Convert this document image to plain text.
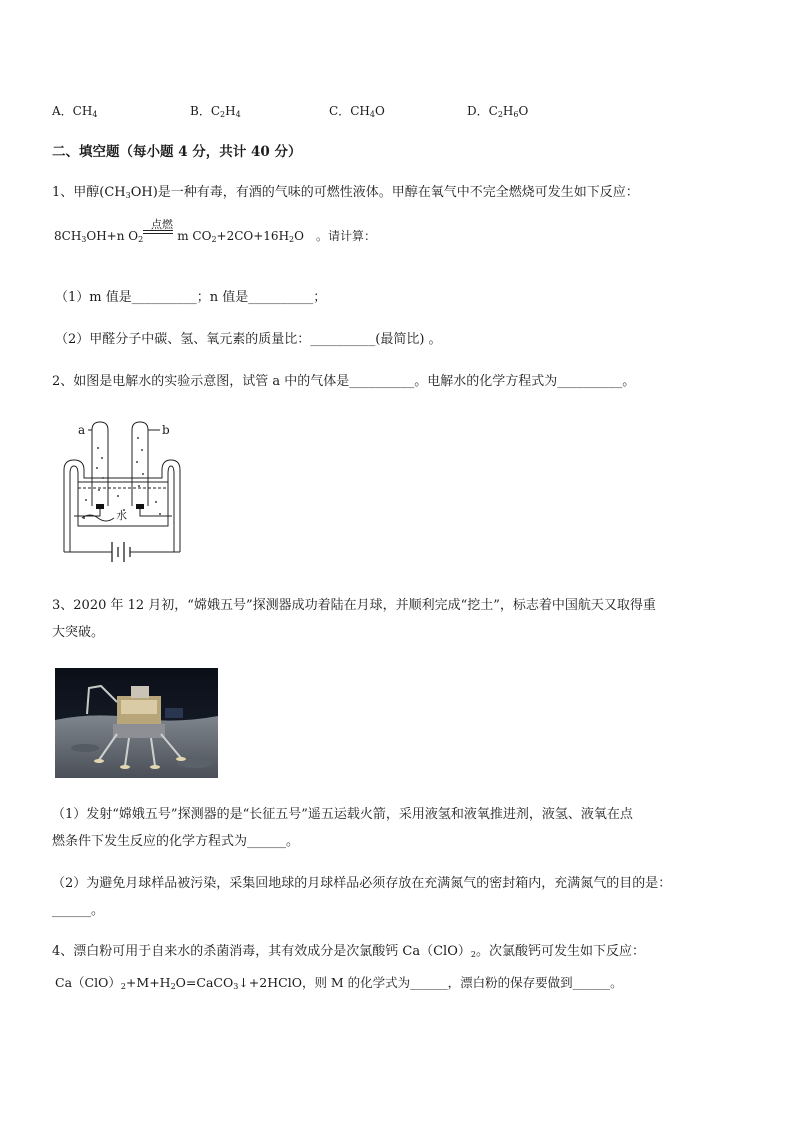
A．$CH_4$	B．$C_2H_4$	C．$CH_4O$	D．$C_2H_6O$
二、填空题（每小题 4 分，共计 40 分）
1、甲醇$(CH_3OH)$是一种有毒，有酒的气味的可燃性液体。甲醇在氧气中不完全燃烧可发生如下反应：
点燃
$8CH_3OH+n$ $O_2$	m $CO_2+2CO+16H_2O$　。请计算：
（1）m 值是__________；n 值是__________；
（2）甲醛分子中碳、氢、氧元素的质量比：__________(最简比) 。
2、如图是电解水的实验示意图，试管 a 中的气体是__________。电解水的化学方程式为__________。
a	b
水
3、2020 年 12 月初，“嫦娥五号”探测器成功着陆在月球，并顺利完成“挖土”，标志着中国航天又取得重
大突破。
（1）发射“嫦娥五号”探测器的是“长征五号”遥五运载火箭，采用液氢和液氧推进剂，液氢、液氧在点
燃条件下发生反应的化学方程式为______。
（2）为避免月球样品被污染，采集回地球的月球样品必须存放在充满氮气的密封箱内，充满氮气的目的是：
______。
4、漂白粉可用于自来水的杀菌消毒，其有效成分是次氯酸钙 $Ca(ClO)_2$。次氯酸钙可发生如下反应：
$Ca(ClO)_2+M+H_2O=CaCO_3↓+2HClO$，则 M 的化学式为______，漂白粉的保存要做到______。
